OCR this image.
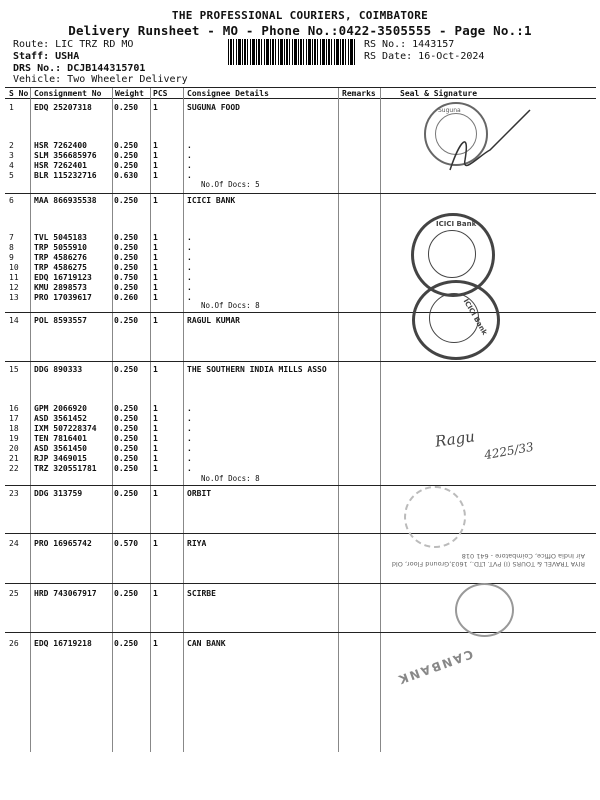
THE PROFESSIONAL COURIERS, COIMBATORE
Delivery Runsheet - MO - Phone No.:0422-3505555 - Page No.:1
Route: LIC TRZ RD MO
Staff: USHA
DRS No.: DCJB144315701
Vehicle: Two Wheeler Delivery
RS No.: 1443157
RS Date: 16-Oct-2024
S No Consignment No Weight PCS Consignee Details	Remarks	Seal & Signature
1	EDQ 25207318	0.250 1	SUGUNA FOOD
2	HSR 7262400	0.250 1	.
3	SLM 356685976 0.250 1	.
4	HSR 7262401	0.250 1	.
5	BLR 115232716 0.630 1	.
No.Of Docs: 5
6	MAA 866935538 0.250 1	ICICI BANK
7	TVL 5045183	0.250 1	.
8	TRP 5055910	0.250 1	.
9	TRP 4586276	0.250 1	.
10 TRP 4586275	0.250 1	.
11 EDQ 16719123	0.750 1	.
12 KMU 2898573	0.250 1	.
13 PRO 17039617	0.260 1	.
No.Of Docs: 8
14 POL 8593557	0.250 1	RAGUL KUMAR
15 DDG 890333	0.250 1	THE SOUTHERN INDIA MILLS ASSO
16 GPM 2066920	0.250 1	.
17 ASD 3561452	0.250 1	.
18 IXM 507228374 0.250 1	.
19 TEN 7816401	0.250 1	.
20 ASD 3561450	0.250 1	.
21 RJP 3469015	0.250 1	.
22 TRZ 320551781 0.250 1	.
No.Of Docs: 8
23 DDG 313759	0.250 1	ORBIT
24 PRO 16965742	0.570 1	RIYA
25 HRD 743067917 0.250 1	SCIRBE
26 EDQ 16719218	0.250 1	CAN BANK
Suguna
ICICI Bank
ICICI Bank
Ragu
4225/33
RIYA TRAVEL & TOURS (I) PVT. LTD., 1603,Ground Floor, Old Air India Office, Coimbatore - 641 018
CANBANK
